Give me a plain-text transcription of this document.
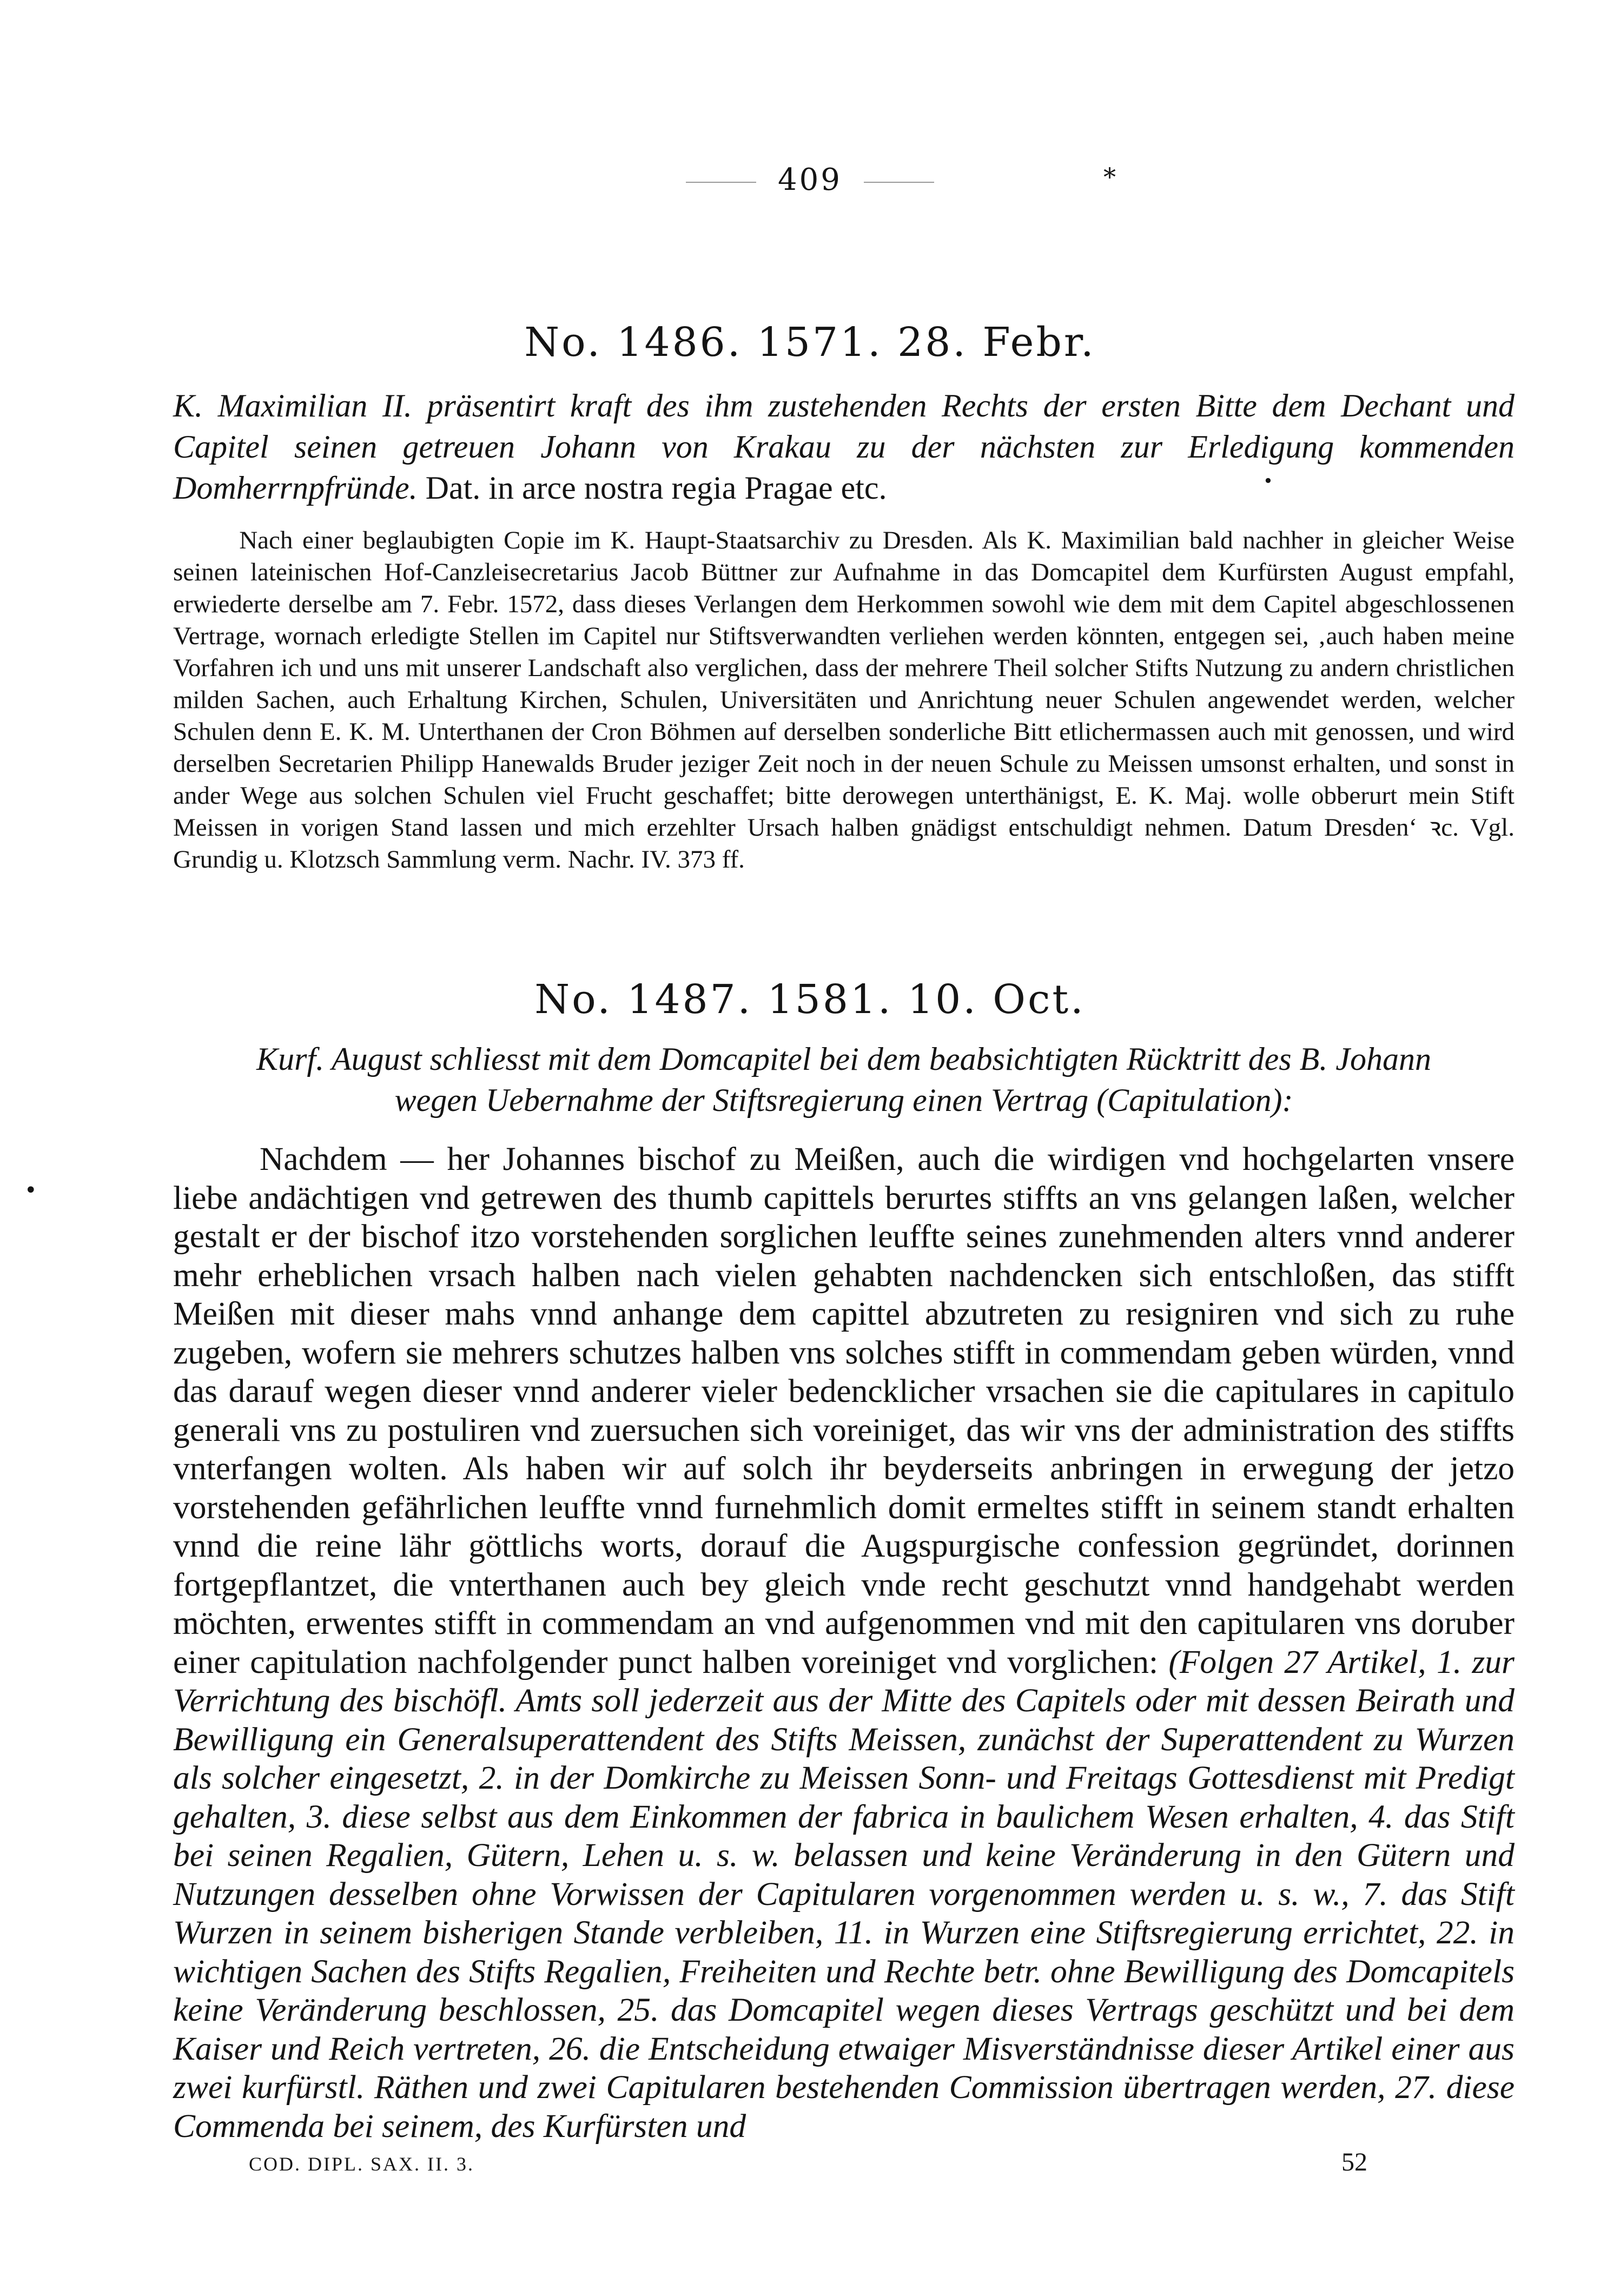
409	*
No. 1486. 1571. 28. Febr.
K. Maximilian II. präsentirt kraft des ihm zustehenden Rechts der ersten Bitte dem Dechant und Capitel seinen getreuen Johann von Krakau zu der nächsten zur Erledigung kommenden Domherrnpfründe. Dat. in arce nostra regia Pragae etc.	•
Nach einer beglaubigten Copie im K. Haupt-Staatsarchiv zu Dresden. Als K. Maximilian bald nachher in gleicher Weise seinen lateinischen Hof-Canzleisecretarius Jacob Büttner zur Aufnahme in das Domcapitel dem Kurfürsten August empfahl, erwiederte derselbe am 7. Febr. 1572, dass dieses Verlangen dem Herkommen sowohl wie dem mit dem Capitel abgeschlossenen Vertrage, wornach erledigte Stellen im Capitel nur Stiftsverwandten verliehen werden könnten, entgegen sei, ‚auch haben meine Vorfahren ich und uns mit unserer Landschaft also verglichen, dass der mehrere Theil solcher Stifts Nutzung zu andern christlichen milden Sachen, auch Erhaltung Kirchen, Schulen, Universitäten und Anrichtung neuer Schulen angewendet werden, welcher Schulen denn E. K. M. Unterthanen der Cron Böhmen auf derselben sonderliche Bitt etlichermassen auch mit genossen, und wird derselben Secretarien Philipp Hanewalds Bruder jeziger Zeit noch in der neuen Schule zu Meissen umsonst erhalten, und sonst in ander Wege aus solchen Schulen viel Frucht geschaffet; bitte derowegen unterthänigst, E. K. Maj. wolle obberurt mein Stift Meissen in vorigen Stand lassen und mich erzehlter Ursach halben gnädigst entschuldigt nehmen. Datum Dresden‘ ꝛc. Vgl. Grundig u. Klotzsch Sammlung verm. Nachr. IV. 373 ff.
No. 1487. 1581. 10. Oct.
Kurf. August schliesst mit dem Domcapitel bei dem beabsichtigten Rücktritt des B. Johann wegen Uebernahme der Stiftsregierung einen Vertrag (Capitulation):
•
Nachdem — her Johannes bischof zu Meißen, auch die wirdigen vnd hochgelarten vnsere liebe andächtigen vnd getrewen des thumb capittels berurtes stiffts an vns gelangen laßen, welcher gestalt er der bischof itzo vorstehenden sorglichen leuffte seines zunehmenden alters vnnd anderer mehr erheblichen vrsach halben nach vielen gehabten nachdencken sich entschloßen, das stifft Meißen mit dieser mahs vnnd anhange dem capittel abzutreten zu resigniren vnd sich zu ruhe zugeben, wofern sie mehrers schutzes halben vns solches stifft in commendam geben würden, vnnd das darauf wegen dieser vnnd anderer vieler bedencklicher vrsachen sie die capitulares in capitulo generali vns zu postuliren vnd zuersuchen sich voreiniget, das wir vns der administration des stiffts vnterfangen wolten. Als haben wir auf solch ihr beyderseits anbringen in erwegung der jetzo vorstehenden gefährlichen leuffte vnnd furnehmlich domit ermeltes stifft in seinem standt erhalten vnnd die reine lähr göttlichs worts, dorauf die Augspurgische confession gegründet, dorinnen fortgepflantzet, die vnterthanen auch bey gleich vnde recht geschutzt vnnd handgehabt werden möchten, erwentes stifft in commendam an vnd aufgenommen vnd mit den capitularen vns doruber einer capitulation nachfolgender punct halben voreiniget vnd vorglichen: (Folgen 27 Artikel, 1. zur Verrichtung des bischöfl. Amts soll jederzeit aus der Mitte des Capitels oder mit dessen Beirath und Bewilligung ein Generalsuperattendent des Stifts Meissen, zunächst der Superattendent zu Wurzen als solcher eingesetzt, 2. in der Domkirche zu Meissen Sonn- und Freitags Gottesdienst mit Predigt gehalten, 3. diese selbst aus dem Einkommen der fabrica in baulichem Wesen erhalten, 4. das Stift bei seinen Regalien, Gütern, Lehen u. s. w. belassen und keine Veränderung in den Gütern und Nutzungen desselben ohne Vorwissen der Capitularen vorgenommen werden u. s. w., 7. das Stift Wurzen in seinem bisherigen Stande verbleiben, 11. in Wurzen eine Stiftsregierung errichtet, 22. in wichtigen Sachen des Stifts Regalien, Freiheiten und Rechte betr. ohne Bewilligung des Domcapitels keine Veränderung beschlossen, 25. das Domcapitel wegen dieses Vertrags geschützt und bei dem Kaiser und Reich vertreten, 26. die Entscheidung etwaiger Misverständnisse dieser Artikel einer aus zwei kurfürstl. Räthen und zwei Capitularen bestehenden Commission übertragen werden, 27. diese Commenda bei seinem, des Kurfürsten und
COD. DIPL. SAX. II. 3.	52
